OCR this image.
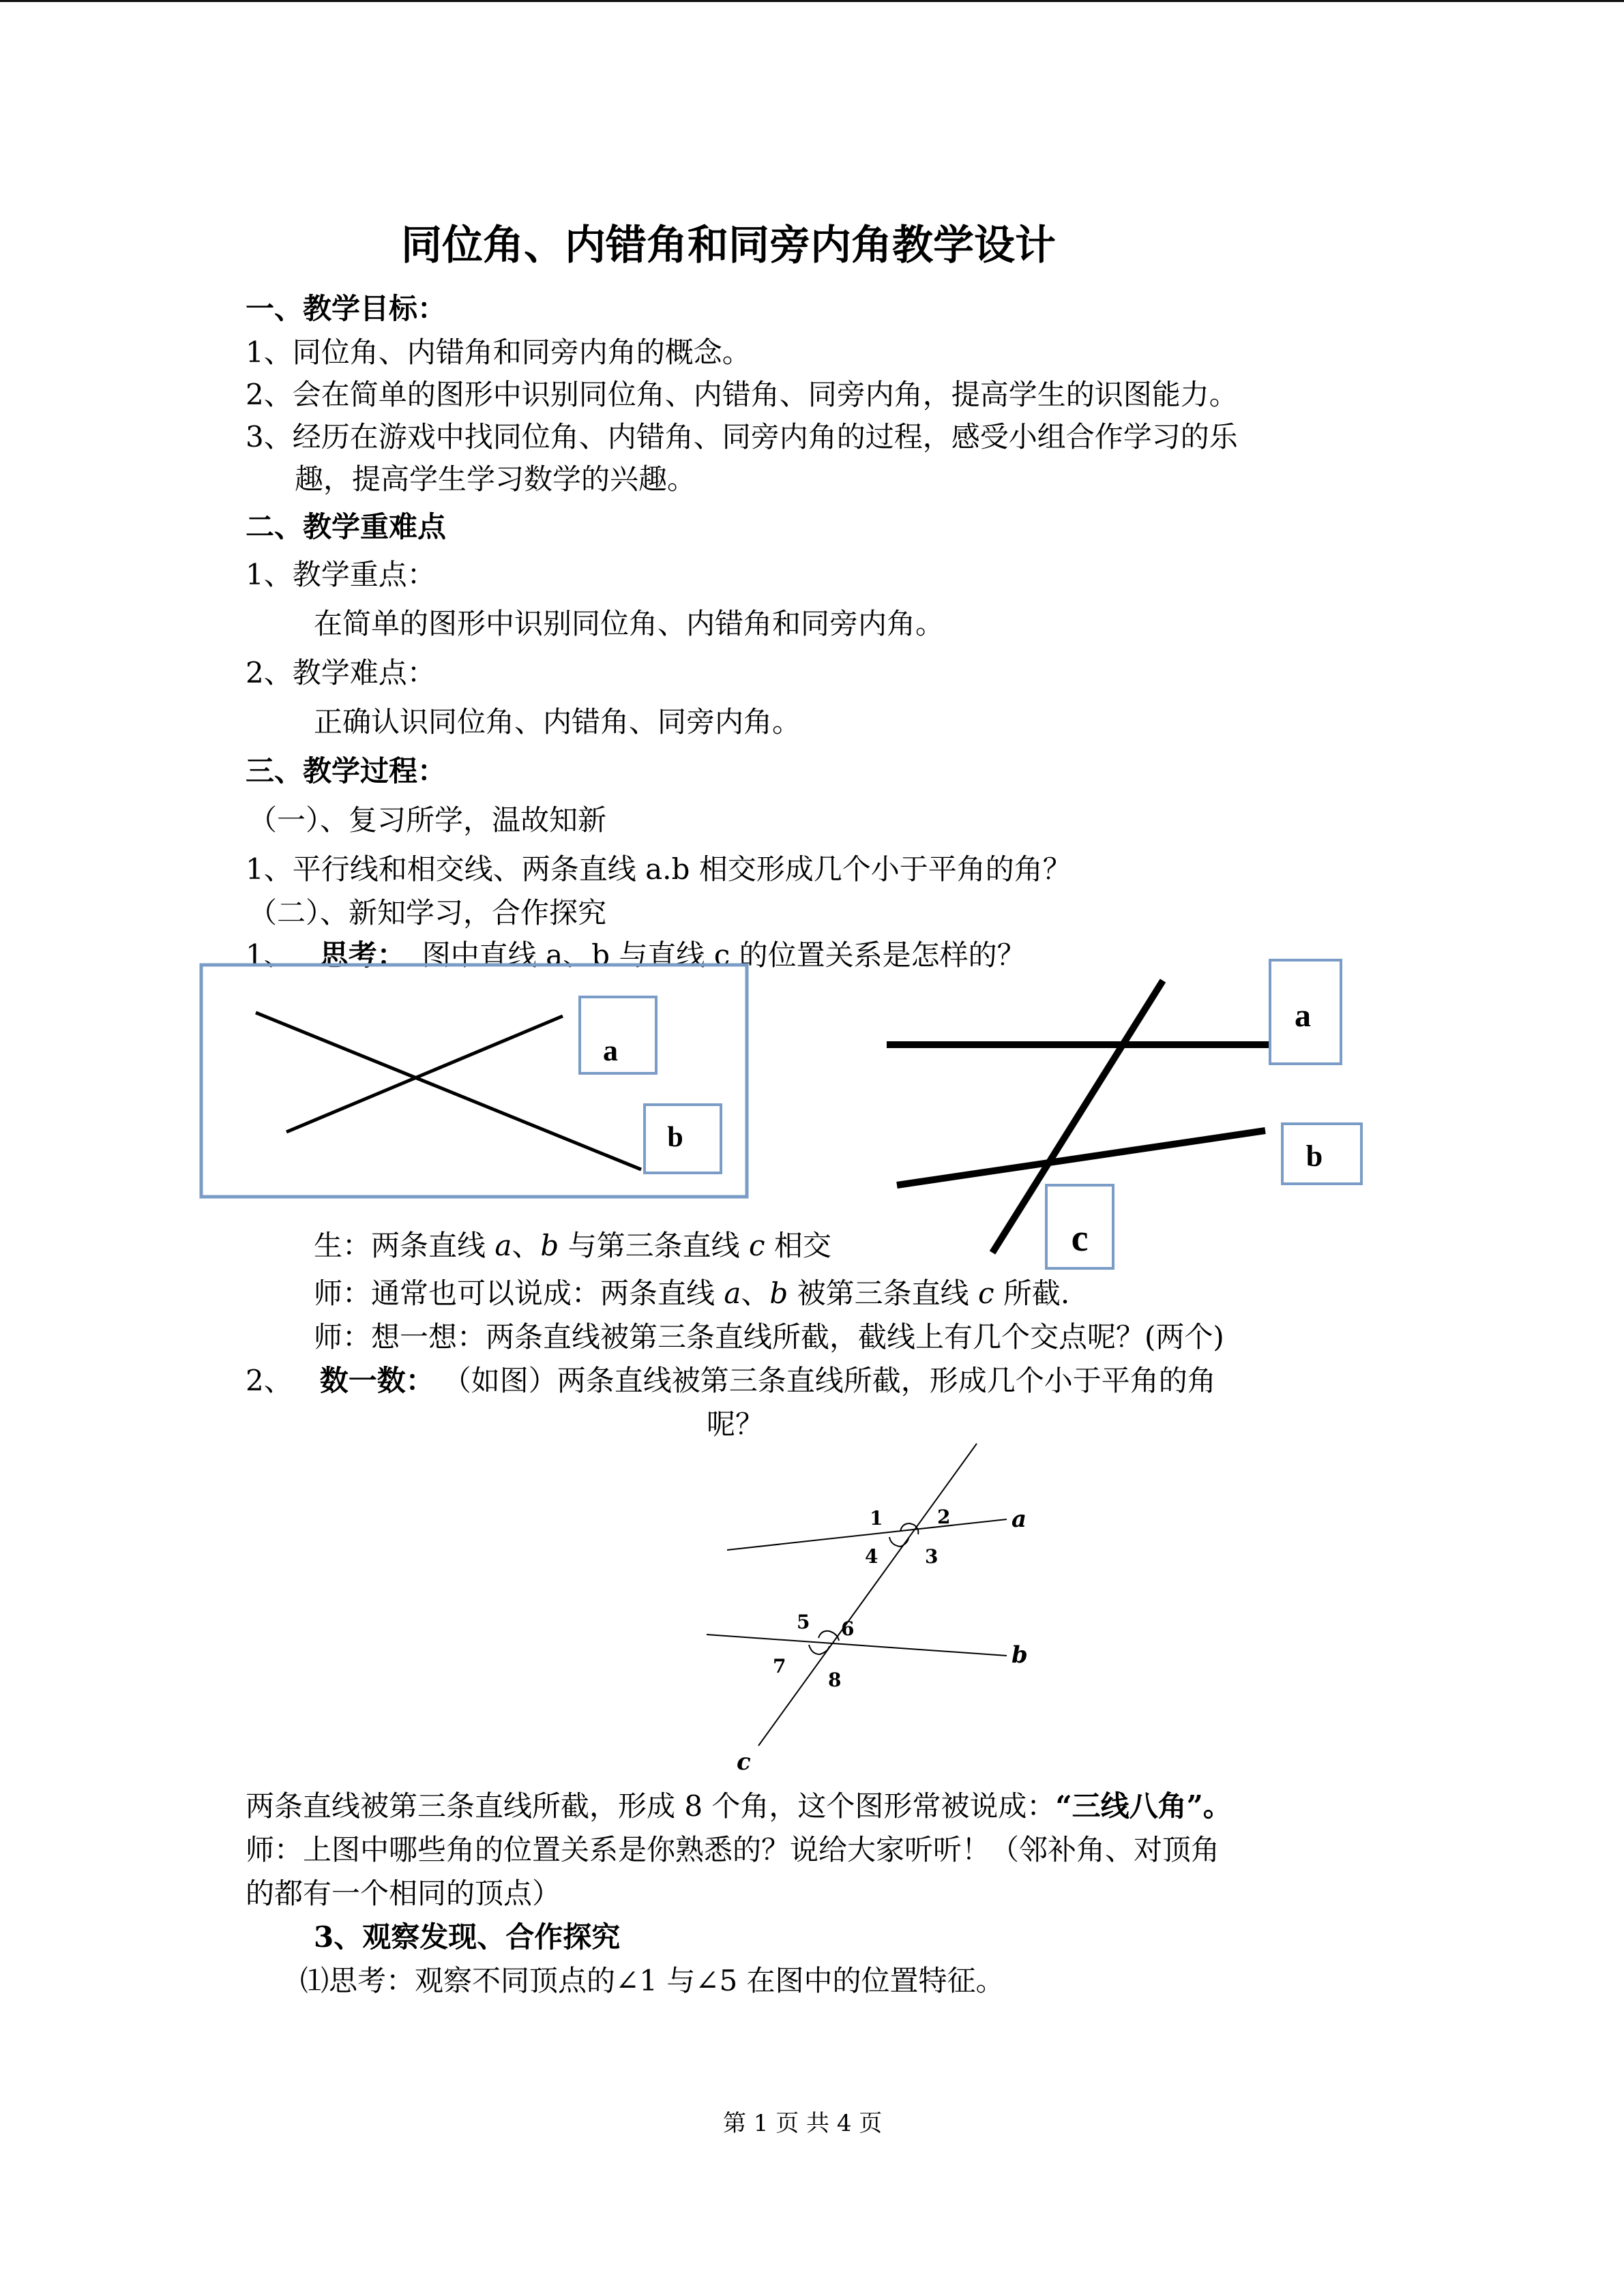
同位角、内错角和同旁内角教学设计
一、教学目标：
1、同位角、内错角和同旁内角的概念。
2、会在简单的图形中识别同位角、内错角、同旁内角，提高学生的识图能力。
3、经历在游戏中找同位角、内错角、同旁内角的过程，感受小组合作学习的乐
趣，提高学生学习数学的兴趣。
二、教学重难点
1、教学重点：
在简单的图形中识别同位角、内错角和同旁内角。
2、教学难点：
正确认识同位角、内错角、同旁内角。
三、教学过程：
（一）、复习所学，温故知新
1、平行线和相交线、两条直线 a.b 相交形成几个小于平角的角？
（二）、新知学习，合作探究
1、 思考： 图中直线 a、b 与直线 c 的位置关系是怎样的？
a
b
a
b
c
生：两条直线 a、b 与第三条直线 c 相交
师：通常也可以说成：两条直线 a、b 被第三条直线 c 所截.
师：想一想：两条直线被第三条直线所截，截线上有几个交点呢？(两个)
2、 数一数： （如图）两条直线被第三条直线所截，形成几个小于平角的角
呢？
a
b
c
1	2
3
4
5 6
7
8
两条直线被第三条直线所截，形成 8 个角，这个图形常被说成：“三线八角”。
师：上图中哪些角的位置关系是你熟悉的？说给大家听听！（邻补角、对顶角
的都有一个相同的顶点）
3、观察发现、合作探究
⑴思考：观察不同顶点的∠1 与∠5 在图中的位置特征。
第 1 页 共 4 页
